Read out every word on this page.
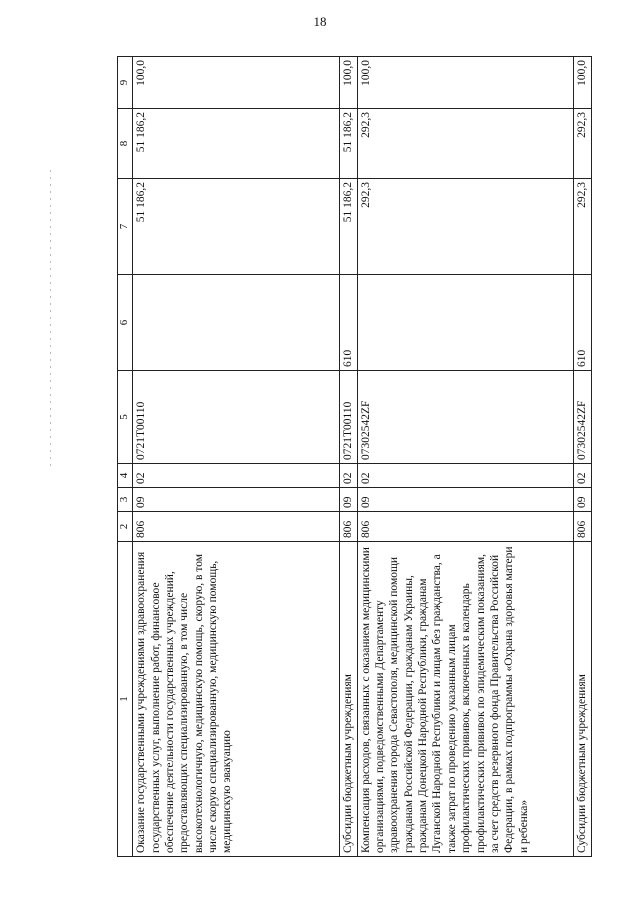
18
1	2	3	4	5	6	7	8	9
Оказание государственными учреждениями здравоохранения государственных услуг, выполнение работ, финансовое обеспечение деятельности государственных учреждений, предоставляющих специализированную, в том числе высокотехнологичную, медицинскую помощь, скорую, в том числе скорую специализированную, медицинскую помощь, медицинскую эвакуацию	806	09	02	0721T00110		51 186,2	51 186,2	100,0
Субсидии бюджетным учреждениям	806	09	02	0721T00110	610	51 186,2	51 186,2	100,0
Компенсация расходов, связанных с оказанием медицинскими организациями, подведомственными Департаменту здравоохранения города Севастополя, медицинской помощи гражданам Российской Федерации, гражданам Украины, гражданам Донецкой Народной Республики, гражданам Луганской Народной Республики и лицам без гражданства, а также затрат по проведению указанным лицам профилактических прививок, включенных в календарь профилактических прививок по эпидемическим показаниям, за счет средств резервного фонда Правительства Российской Федерации, в рамках подпрограммы «Охрана здоровья матери и ребенка»	806	09	02	07302542ZF		292,3	292,3	100,0
Субсидии бюджетным учреждениям	806	09	02	07302542ZF	610	292,3	292,3	100,0
